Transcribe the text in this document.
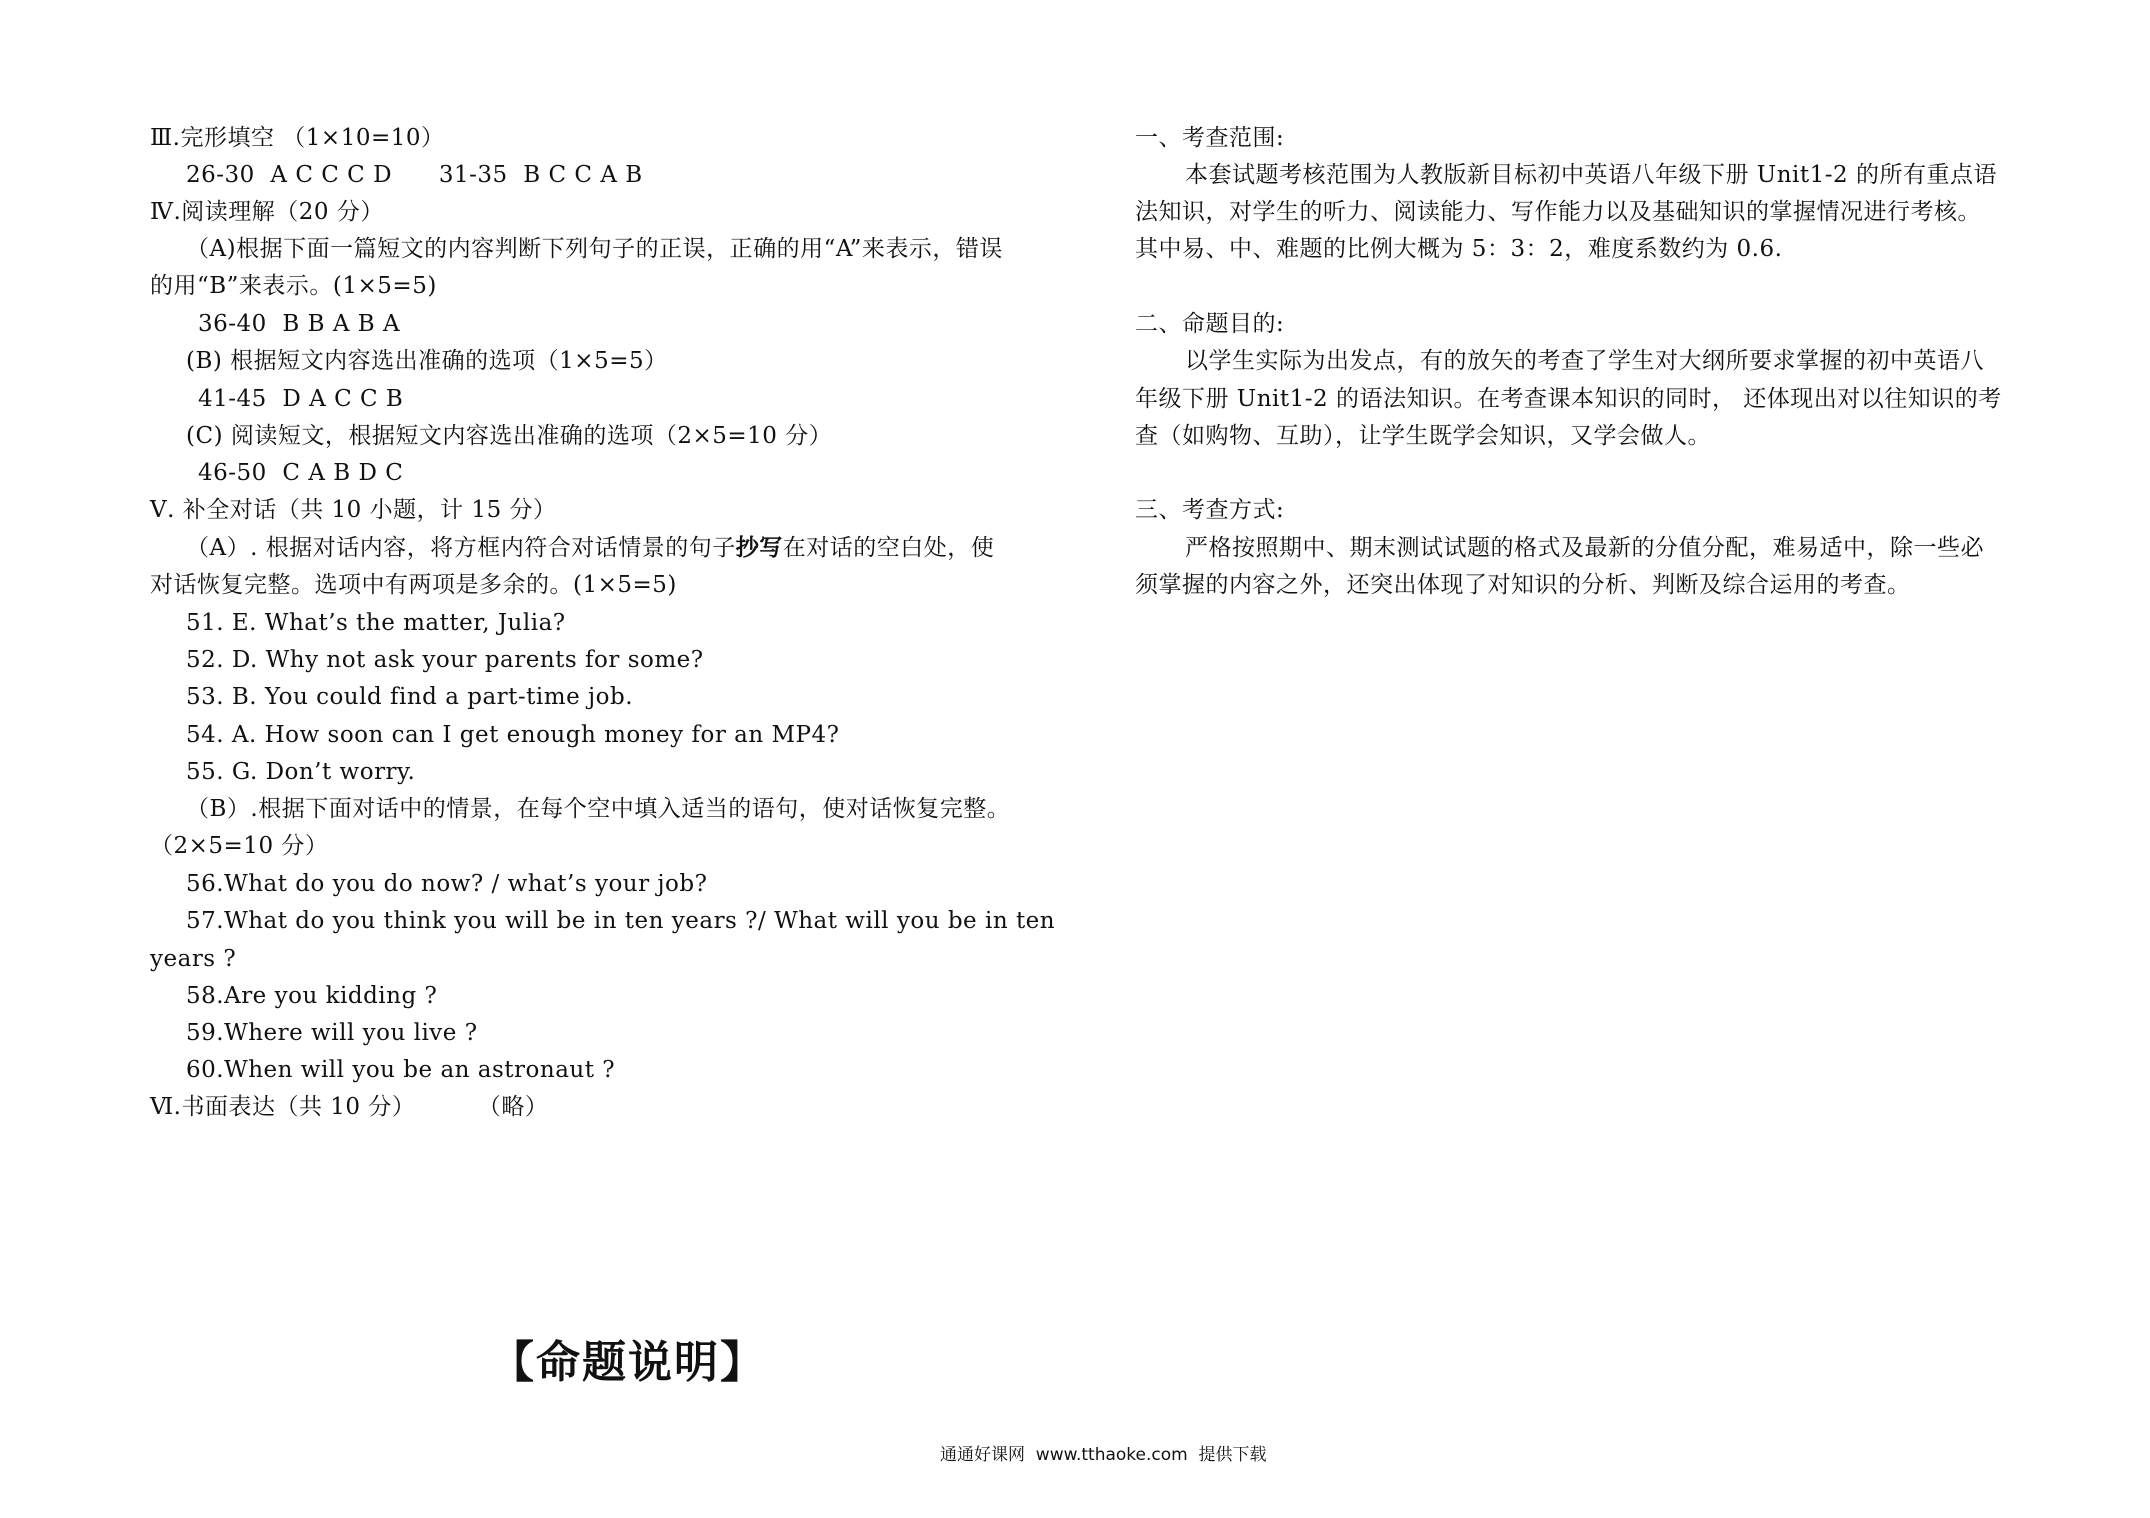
Ⅲ.完形填空 （1×10=10）
26-30  A C C C D      31-35  B C C A B
Ⅳ.阅读理解（20 分）
（A)根据下面一篇短文的内容判断下列句子的正误，正确的用“A”来表示，错误
的用“B”来表示。(1×5=5)
36-40  B B A B A
(B) 根据短文内容选出准确的选项（1×5=5）
41-45  D A C C B
(C) 阅读短文，根据短文内容选出准确的选项（2×5=10 分）
46-50  C A B D C
Ⅴ. 补全对话（共 10 小题，计 15 分）
（A）. 根据对话内容，将方框内符合对话情景的句子抄写在对话的空白处，使
对话恢复完整。选项中有两项是多余的。(1×5=5)
51. E. What’s the matter, Julia?
52. D. Why not ask your parents for some?
53. B. You could find a part-time job.
54. A. How soon can I get enough money for an MP4?
55. G. Don’t worry.
（B）.根据下面对话中的情景，在每个空中填入适当的语句，使对话恢复完整。
（2×5=10 分）
56.What do you do now? / what’s your job?
57.What do you think you will be in ten years ?/ What will you be in ten
years ?
58.Are you kidding ?
59.Where will you live ?
60.When will you be an astronaut ?
Ⅵ.书面表达（共 10 分）        （略）
一、考查范围:
本套试题考核范围为人教版新目标初中英语八年级下册 Unit1-2 的所有重点语
法知识，对学生的听力、阅读能力、写作能力以及基础知识的掌握情况进行考核。
其中易、中、难题的比例大概为 5：3：2，难度系数约为 0.6.
二、命题目的:
以学生实际为出发点，有的放矢的考查了学生对大纲所要求掌握的初中英语八
年级下册 Unit1-2 的语法知识。在考查课本知识的同时， 还体现出对以往知识的考
查（如购物、互助），让学生既学会知识，又学会做人。
三、考查方式:
严格按照期中、期末测试试题的格式及最新的分值分配，难易适中，除一些必
须掌握的内容之外，还突出体现了对知识的分析、判断及综合运用的考查。
【命题说明】
通通好课网  www.tthaoke.com  提供下载
